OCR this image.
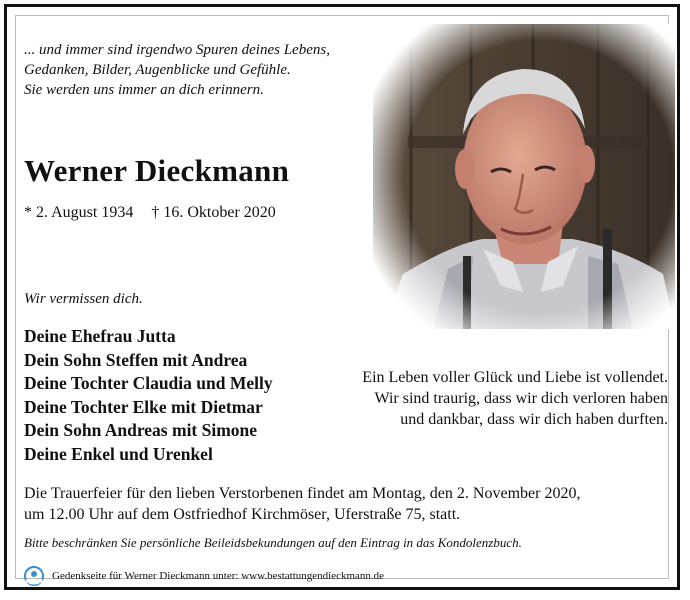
... und immer sind irgendwo Spuren deines Lebens,
Gedanken, Bilder, Augenblicke und Gefühle.
Sie werden uns immer an dich erinnern.
Werner Dieckmann
* 2. August 1934 † 16. Oktober 2020
Wir vermissen dich.
Deine Ehefrau Jutta
Dein Sohn Steffen mit Andrea
Deine Tochter Claudia und Melly
Deine Tochter Elke mit Dietmar
Dein Sohn Andreas mit Simone
Deine Enkel und Urenkel
Ein Leben voller Glück und Liebe ist vollendet.
Wir sind traurig, dass wir dich verloren haben
und dankbar, dass wir dich haben durften.
Die Trauerfeier für den lieben Verstorbenen findet am Montag, den 2. November 2020,
um 12.00 Uhr auf dem Ostfriedhof Kirchmöser, Uferstraße 75, statt.
Bitte beschränken Sie persönliche Beileidsbekundungen auf den Eintrag in das Kondolenzbuch.
Gedenkseite für Werner Dieckmann unter: www.bestattungendieckmann.de
